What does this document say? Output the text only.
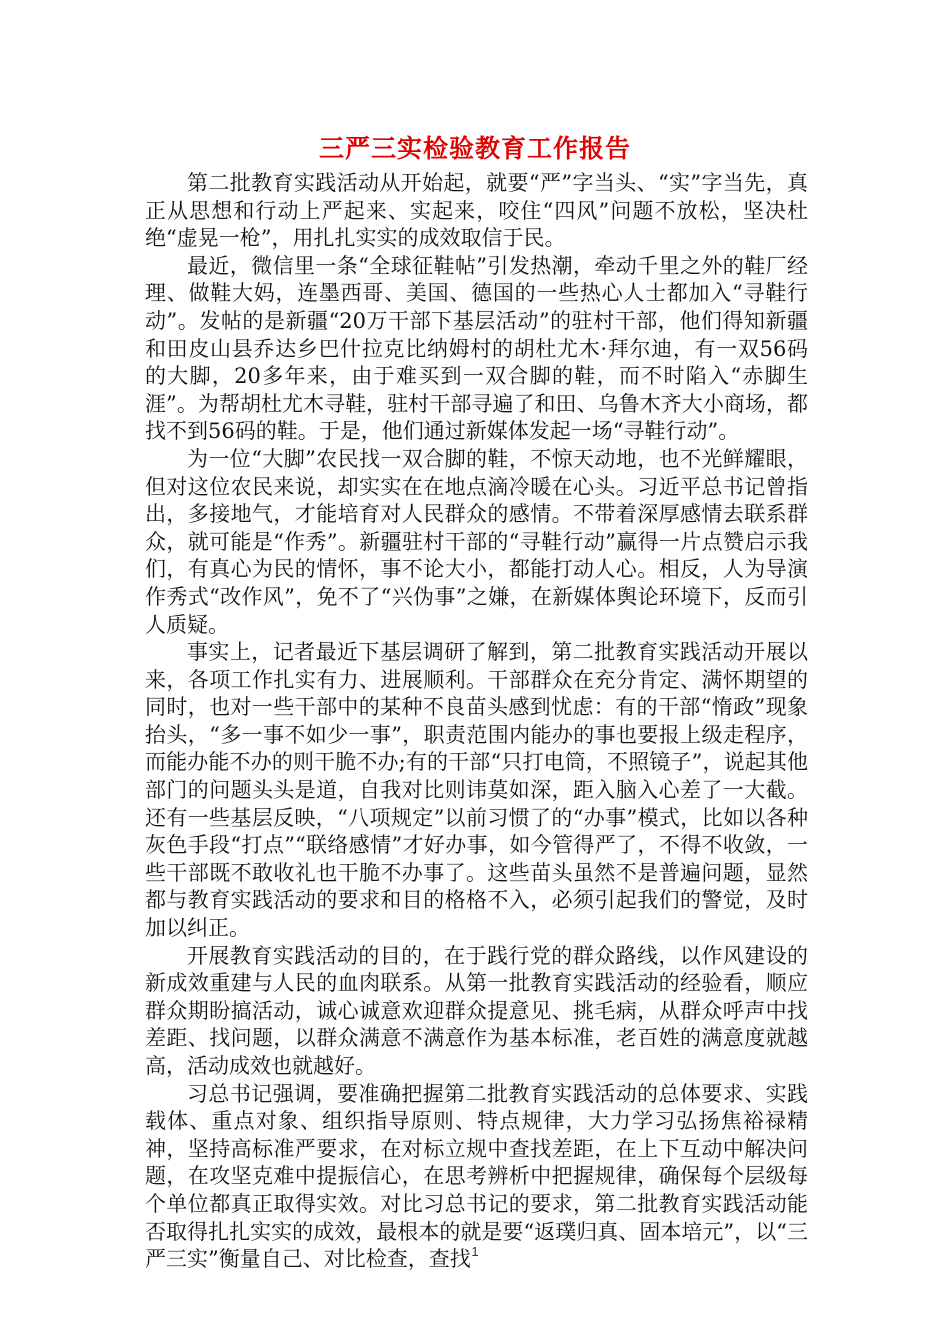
三严三实检验教育工作报告

第二批教育实践活动从开始起，就要“严”字当头、“实”字当先，真正从思想和行动上严起来、实起来，咬住“四风”问题不放松，坚决杜绝“虚晃一枪”，用扎扎实实的成效取信于民。

最近，微信里一条“全球征鞋帖”引发热潮，牵动千里之外的鞋厂经理、做鞋大妈，连墨西哥、美国、德国的一些热心人士都加入“寻鞋行动”。发帖的是新疆“20万干部下基层活动”的驻村干部，他们得知新疆和田皮山县乔达乡巴什拉克比纳姆村的胡杜尤木·拜尔迪，有一双56码的大脚，20多年来，由于难买到一双合脚的鞋，而不时陷入“赤脚生涯”。为帮胡杜尤木寻鞋，驻村干部寻遍了和田、乌鲁木齐大小商场，都找不到56码的鞋。于是，他们通过新媒体发起一场“寻鞋行动”。

为一位“大脚”农民找一双合脚的鞋，不惊天动地，也不光鲜耀眼，但对这位农民来说，却实实在在地点滴冷暖在心头。习近平总书记曾指出，多接地气，才能培育对人民群众的感情。不带着深厚感情去联系群众，就可能是“作秀”。新疆驻村干部的“寻鞋行动”赢得一片点赞启示我们，有真心为民的情怀，事不论大小，都能打动人心。相反，人为导演作秀式“改作风”，免不了“兴伪事”之嫌，在新媒体舆论环境下，反而引人质疑。

事实上，记者最近下基层调研了解到，第二批教育实践活动开展以来，各项工作扎实有力、进展顺利。干部群众在充分肯定、满怀期望的同时，也对一些干部中的某种不良苗头感到忧虑：有的干部“惰政”现象抬头，“多一事不如少一事”，职责范围内能办的事也要报上级走程序，而能办能不办的则干脆不办;有的干部“只打电筒，不照镜子”，说起其他部门的问题头头是道，自我对比则讳莫如深，距入脑入心差了一大截。还有一些基层反映，“八项规定”以前习惯了的“办事”模式，比如以各种灰色手段“打点”“联络感情”才好办事，如今管得严了，不得不收敛，一些干部既不敢收礼也干脆不办事了。这些苗头虽然不是普遍问题，显然都与教育实践活动的要求和目的格格不入，必须引起我们的警觉，及时加以纠正。

开展教育实践活动的目的，在于践行党的群众路线，以作风建设的新成效重建与人民的血肉联系。从第一批教育实践活动的经验看，顺应群众期盼搞活动，诚心诚意欢迎群众提意见、挑毛病，从群众呼声中找差距、找问题，以群众满意不满意作为基本标准，老百姓的满意度就越高，活动成效也就越好。

习总书记强调，要准确把握第二批教育实践活动的总体要求、实践载体、重点对象、组织指导原则、特点规律，大力学习弘扬焦裕禄精神，坚持高标准严要求，在对标立规中查找差距，在上下互动中解决问题，在攻坚克难中提振信心，在思考辨析中把握规律，确保每个层级每个单位都真正取得实效。对比习总书记的要求，第二批教育实践活动能否取得扎扎实实的成效，最根本的就是要“返璞归真、固本培元”，以“三严三实”衡量自己、对比检查，查找 1
